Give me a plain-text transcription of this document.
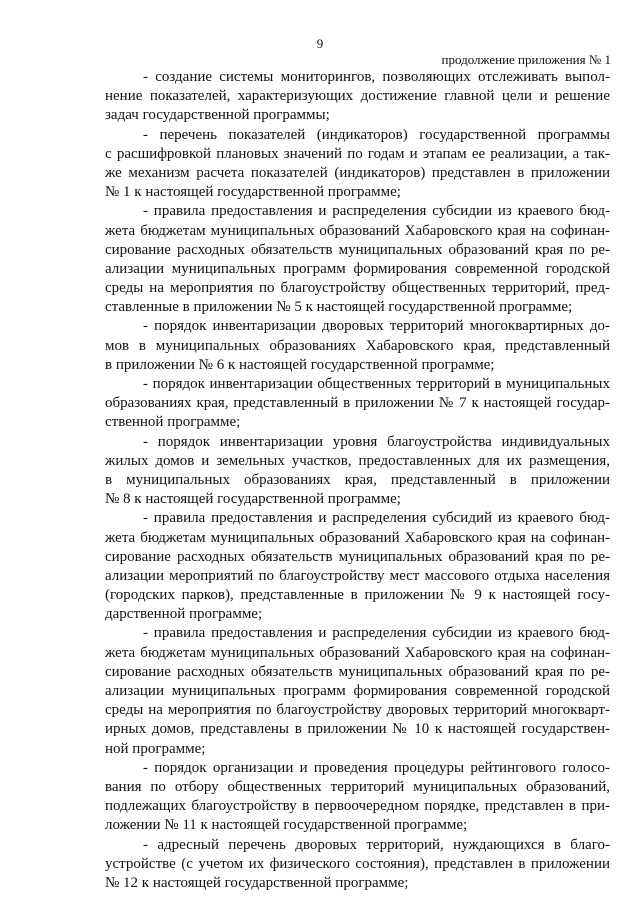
9
продолжение приложения № 1
- создание системы мониторингов, позволяющих отслеживать выпол-
нение показателей, характеризующих достижение главной цели и решение
задач государственной программы;
- перечень показателей (индикаторов) государственной программы
с расшифровкой плановых значений по годам и этапам ее реализации, а так-
же механизм расчета показателей (индикаторов) представлен в приложении
№ 1 к настоящей государственной программе;
- правила предоставления и распределения субсидии из краевого бюд-
жета бюджетам муниципальных образований Хабаровского края на софинан-
сирование расходных обязательств муниципальных образований края по ре-
ализации муниципальных программ формирования современной городской
среды на мероприятия по благоустройству общественных территорий, пред-
ставленные в приложении № 5 к настоящей государственной программе;
- порядок инвентаризации дворовых территорий многоквартирных до-
мов в муниципальных образованиях Хабаровского края, представленный
в приложении № 6 к настоящей государственной программе;
- порядок инвентаризации общественных территорий в муниципальных
образованиях края, представленный в приложении № 7 к настоящей государ-
ственной программе;
- порядок инвентаризации уровня благоустройства индивидуальных
жилых домов и земельных участков, предоставленных для их размещения,
в муниципальных образованиях края, представленный в приложении
№ 8 к настоящей государственной программе;
- правила предоставления и распределения субсидий из краевого бюд-
жета бюджетам муниципальных образований Хабаровского края на софинан-
сирование расходных обязательств муниципальных образований края по ре-
ализации мероприятий по благоустройству мест массового отдыха населения
(городских парков), представленные в приложении № 9 к настоящей госу-
дарственной программе;
- правила предоставления и распределения субсидии из краевого бюд-
жета бюджетам муниципальных образований Хабаровского края на софинан-
сирование расходных обязательств муниципальных образований края по ре-
ализации муниципальных программ формирования современной городской
среды на мероприятия по благоустройству дворовых территорий многокварт-
ирных домов, представлены в приложении № 10 к настоящей государствен-
ной программе;
- порядок организации и проведения процедуры рейтингового голосо-
вания по отбору общественных территорий муниципальных образований,
подлежащих благоустройству в первоочередном порядке, представлен в при-
ложении № 11 к настоящей государственной программе;
- адресный перечень дворовых территорий, нуждающихся в благо-
устройстве (с учетом их физического состояния), представлен в приложении
№ 12 к настоящей государственной программе;
